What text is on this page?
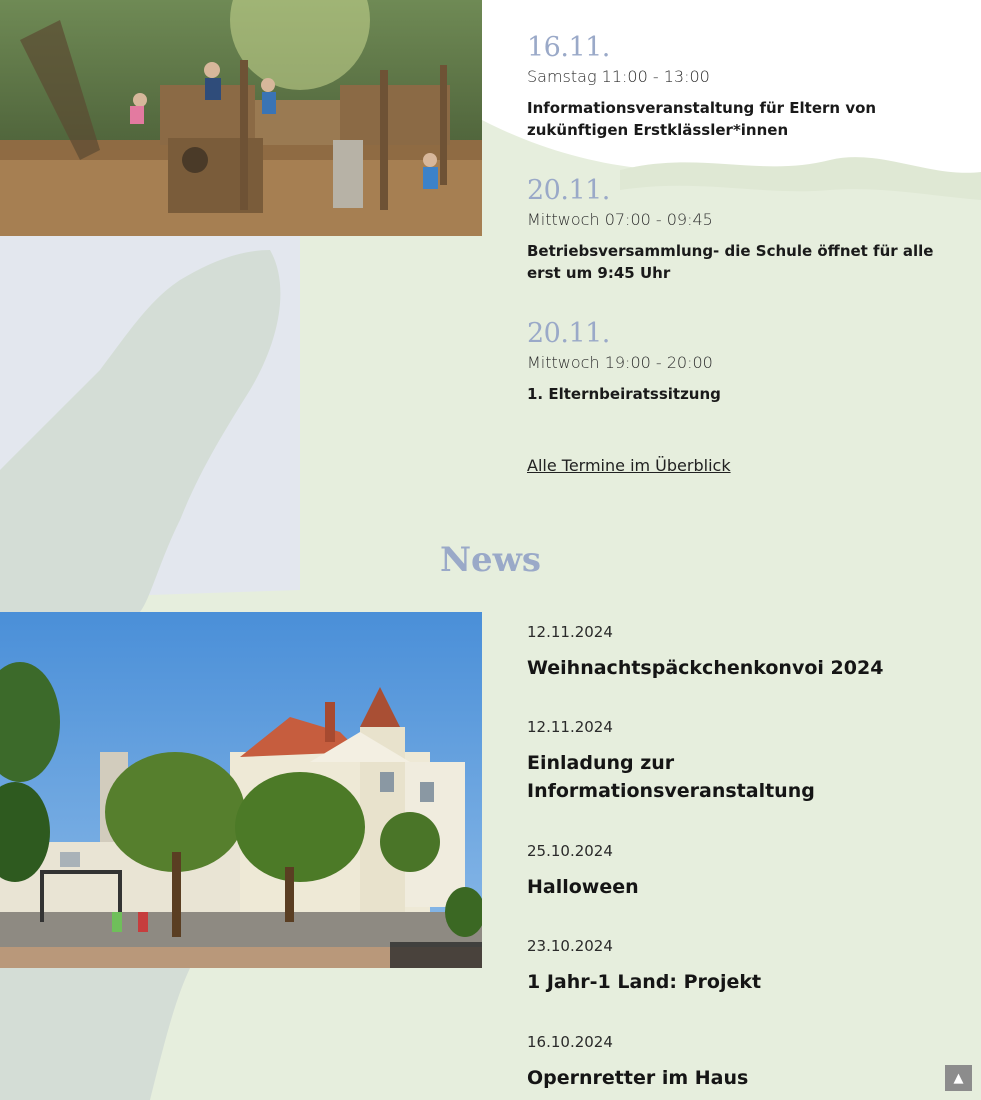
16.11.
Samstag 11:00 - 13:00
Informationsveranstaltung für Eltern von zukünftigen Erstklässler*innen
20.11.
Mittwoch 07:00 - 09:45
Betriebsversammlung- die Schule öffnet für alle erst um 9:45 Uhr
20.11.
Mittwoch 19:00 - 20:00
1. Elternbeiratssitzung
Alle Termine im Überblick
News
12.11.2024
Weihnachtspäckchenkonvoi 2024
12.11.2024
Einladung zur Informationsveranstaltung
25.10.2024
Halloween
23.10.2024
1 Jahr-1 Land: Projekt
16.10.2024
Opernretter im Haus	▲
